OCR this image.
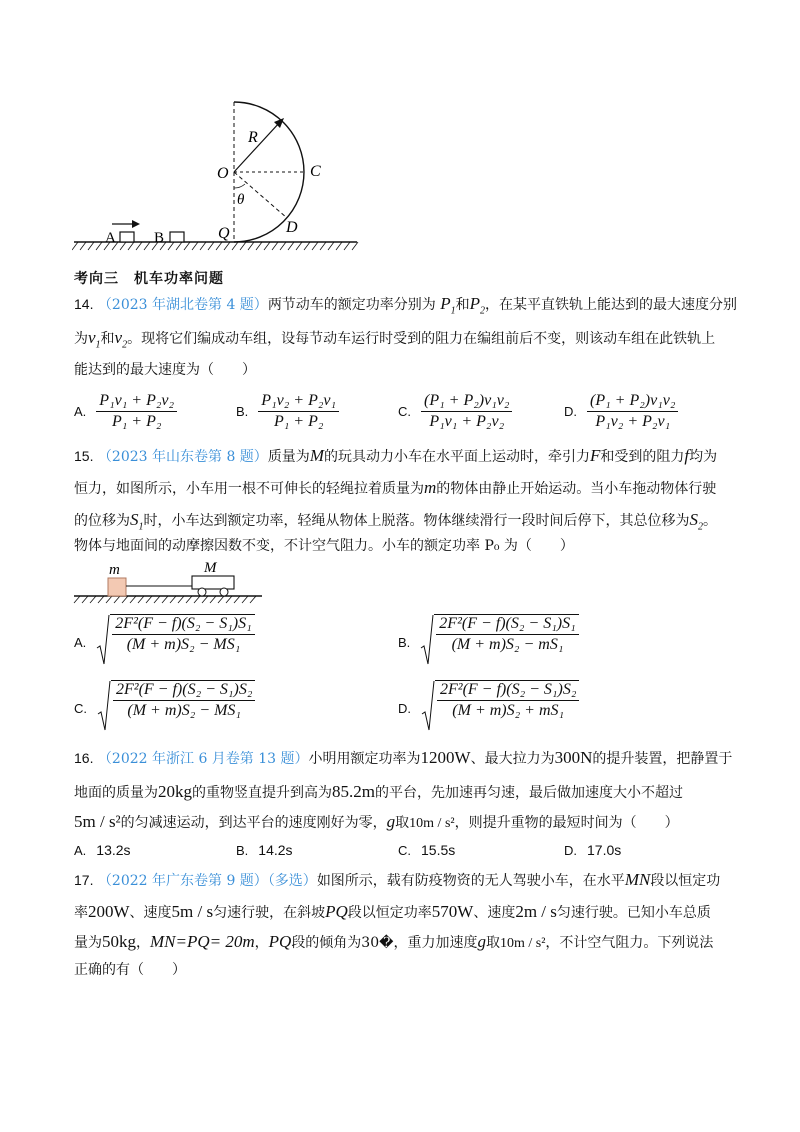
R
O	C
θ
D
Q
A	B
考向三　机车功率问题
14. （2023 年湖北卷第 4 题）两节动车的额定功率分别为 $P_1$和$P_2$，在某平直铁轨上能达到的最大速度分别
为$v_1$和$v_2$。现将它们编成动车组，设每节动车运行时受到的阻力在编组前后不变，则该动车组在此铁轨上
能达到的最大速度为（　　）
A. $\frac{\text{P₁v₁ + P₂v₂}}{\text{P₁ + P₂}}$	B. $\frac{\text{P₁v₂ + P₂v₁}}{\text{P₁ + P₂}}$	C. $\frac{\text{(P₁ + P₂)v₁v₂}}{\text{P₁v₁ + P₂v₂}}$	D. $\frac{\text{(P₁ + P₂)v₁v₂}}{\text{P₁v₂ + P₂v₁}}$
15. （2023 年山东卷第 8 题）质量为M的玩具动力小车在水平面上运动时，牵引力F和受到的阻力f均为
恒力，如图所示，小车用一根不可伸长的轻绳拉着质量为m的物体由静止开始运动。当小车拖动物体行驶
的位移为$S_1$时，小车达到额定功率，轻绳从物体上脱落。物体继续滑行一段时间后停下，其总位移为$S_2$。
物体与地面间的动摩擦因数不变，不计空气阻力。小车的额定功率 P₀ 为（　　）
m	M
A. $\frac{\text{2F²(F − f)(S₂ − S₁)S₁}}{\text{(M + m)S₂ − MS₁}}$	B. $\frac{\text{2F²(F − f)(S₂ − S₁)S₁}}{\text{(M + m)S₂ − mS₁}}$
C. $\frac{\text{2F²(F − f)(S₂ − S₁)S₂}}{\text{(M + m)S₂ − MS₁}}$	D. $\frac{\text{2F²(F − f)(S₂ − S₁)S₂}}{\text{(M + m)S₂ + mS₁}}$
16. （2022 年浙江 6 月卷第 13 题）小明用额定功率为1200W、最大拉力为300N的提升装置，把静置于
地面的质量为20kg的重物竖直提升到高为85.2m的平台，先加速再匀速，最后做加速度大小不超过
5m / s²的匀减速运动，到达平台的速度刚好为零，g取10m / s²，则提升重物的最短时间为（　　）
A. 13.2s	B. 14.2s	C. 15.5s	D. 17.0s
17. （2022 年广东卷第 9 题）（多选）如图所示，载有防疫物资的无人驾驶小车，在水平MN段以恒定功
率200W、速度5m / s匀速行驶，在斜坡PQ段以恒定功率570W、速度2m / s匀速行驶。已知小车总质
量为50kg，MN=PQ= 20m，PQ段的倾角为30�，重力加速度g取10m / s²，不计空气阻力。下列说法
正确的有（　　）
